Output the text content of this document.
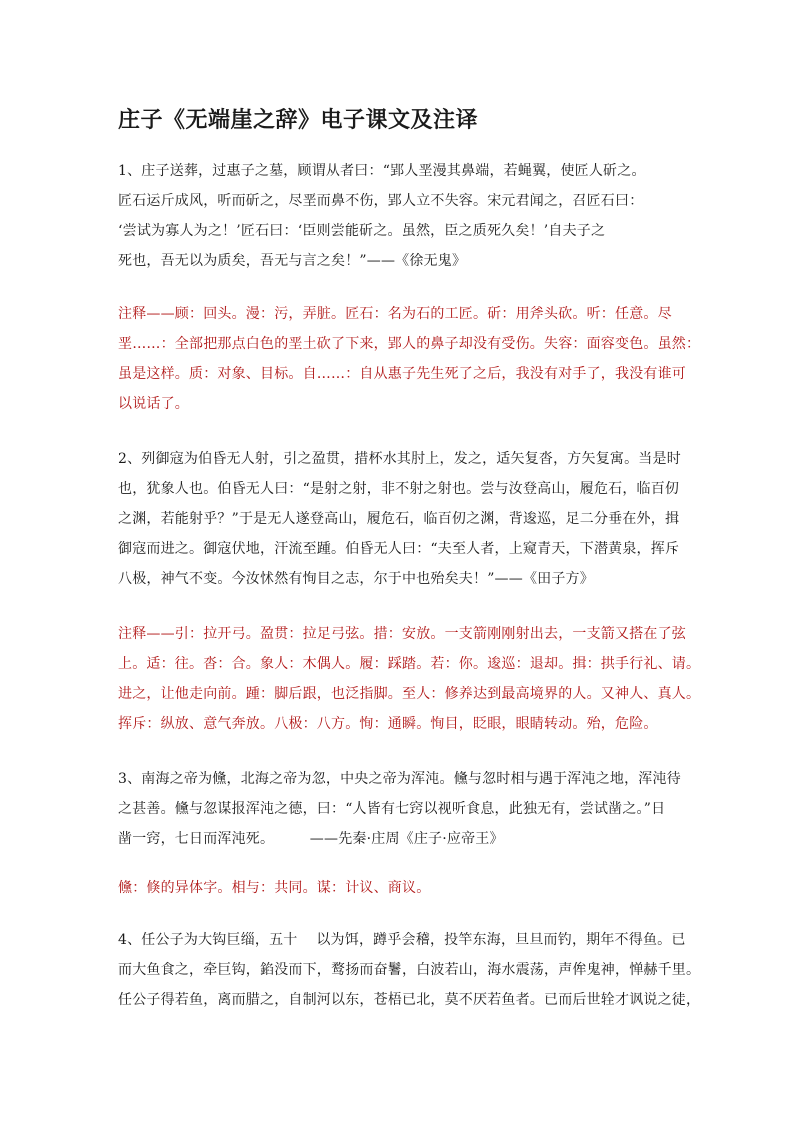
庄子《无端崖之辞》电子课文及注译
1、庄子送葬，过惠子之墓，顾谓从者曰：“郢人垩漫其鼻端，若蝇翼，使匠人斫之。
匠石运斤成风，听而斫之，尽垩而鼻不伤，郢人立不失容。宋元君闻之，召匠石曰：
‘尝试为寡人为之！’匠石曰：‘臣则尝能斫之。虽然，臣之质死久矣！’自夫子之
死也，吾无以为质矣，吾无与言之矣！”——《徐无鬼》
注释——顾：回头。漫：污，弄脏。匠石：名为石的工匠。斫：用斧头砍。听：任意。尽
垩……：全部把那点白色的垩土砍了下来，郢人的鼻子却没有受伤。失容：面容变色。虽然：
虽是这样。质：对象、目标。自……：自从惠子先生死了之后，我没有对手了，我没有谁可
以说话了。
2、列御寇为伯昏无人射，引之盈贯，措杯水其肘上，发之，适矢复沓，方矢复寓。当是时
也，犹象人也。伯昏无人曰：“是射之射，非不射之射也。尝与汝登高山，履危石，临百仞
之渊，若能射乎？”于是无人遂登高山，履危石，临百仞之渊，背逡巡，足二分垂在外，揖
御寇而进之。御寇伏地，汗流至踵。伯昏无人曰：“夫至人者，上窥青天，下潜黄泉，挥斥
八极，神气不变。今汝怵然有恂目之志，尔于中也殆矣夫！”——《田子方》
注释——引：拉开弓。盈贯：拉足弓弦。措：安放。一支箭刚刚射出去，一支箭又搭在了弦
上。适：往。沓：合。象人：木偶人。履：踩踏。若：你。逡巡：退却。揖：拱手行礼、请。
进之，让他走向前。踵：脚后跟，也泛指脚。至人：修养达到最高境界的人。又神人、真人。
挥斥：纵放、意气奔放。八极：八方。恂：通瞬。恂目，眨眼，眼睛转动。殆，危险。
3、南海之帝为儵，北海之帝为忽，中央之帝为浑沌。儵与忽时相与遇于浑沌之地，浑沌待
之甚善。儵与忽谋报浑沌之德，曰：“人皆有七窍以视听食息，此独无有，尝试凿之。”日
凿一窍，七日而浑沌死。　　　——先秦·庄周《庄子·应帝王》
儵：倏的异体字。相与：共同。谋：计议、商议。
4、任公子为大钩巨缁，五十　 以为饵，蹲乎会稽，投竿东海，旦旦而钓，期年不得鱼。已
而大鱼食之，牵巨钩，錎没而下，鹜扬而奋鬐，白波若山，海水震荡，声侔鬼神，惮赫千里。
任公子得若鱼，离而腊之，自制河以东，苍梧已北，莫不厌若鱼者。已而后世辁才讽说之徒，
